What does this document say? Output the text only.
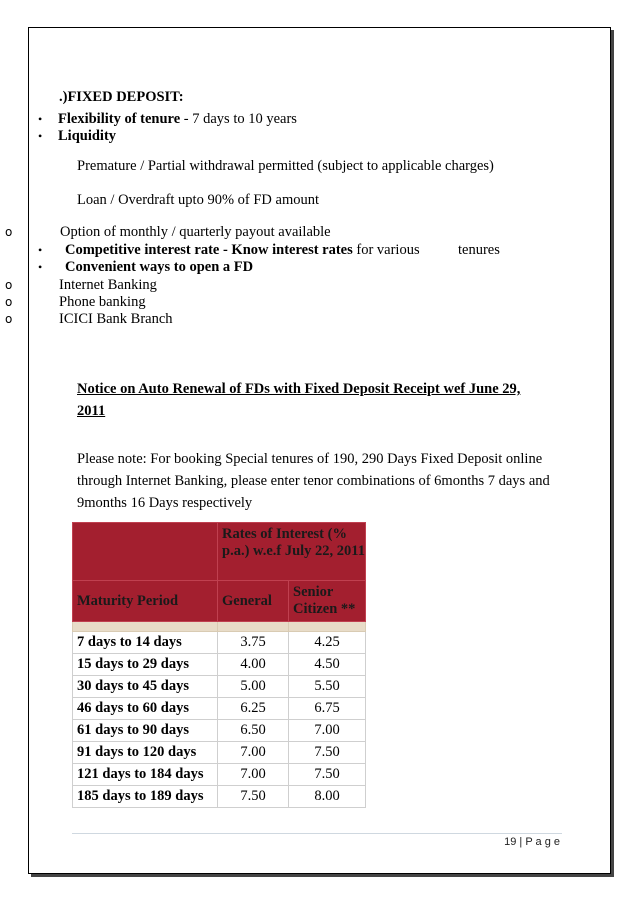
.)FIXED DEPOSIT:
• Flexibility of tenure - 7 days to 10 years
• Liquidity
Premature / Partial withdrawal permitted (subject to applicable charges)
Loan / Overdraft upto 90% of FD amount
o	Option of monthly / quarterly payout available
• Competitive interest rate - Know interest rates for various	tenures
• Convenient ways to open a FD
o	Internet Banking
o	Phone banking
o	ICICI Bank Branch
Notice on Auto Renewal of FDs with Fixed Deposit Receipt wef June 29, 2011
Please note: For booking Special tenures of 190, 290 Days Fixed Deposit online through Internet Banking, please enter tenor combinations of 6months 7 days and 9months 16 Days respectively
	Rates of Interest (% p.a.) w.e.f July 22, 2011	
Maturity Period	General	Senior Citizen **

7 days to 14 days	3.75	4.25
15 days to 29 days	4.00	4.50
30 days to 45 days	5.00	5.50
46 days to 60 days	6.25	6.75
61 days to 90 days	6.50	7.00
91 days to 120 days	7.00	7.50
121 days to 184 days	7.00	7.50
185 days to 189 days	7.50	8.00
19 | P a g e
